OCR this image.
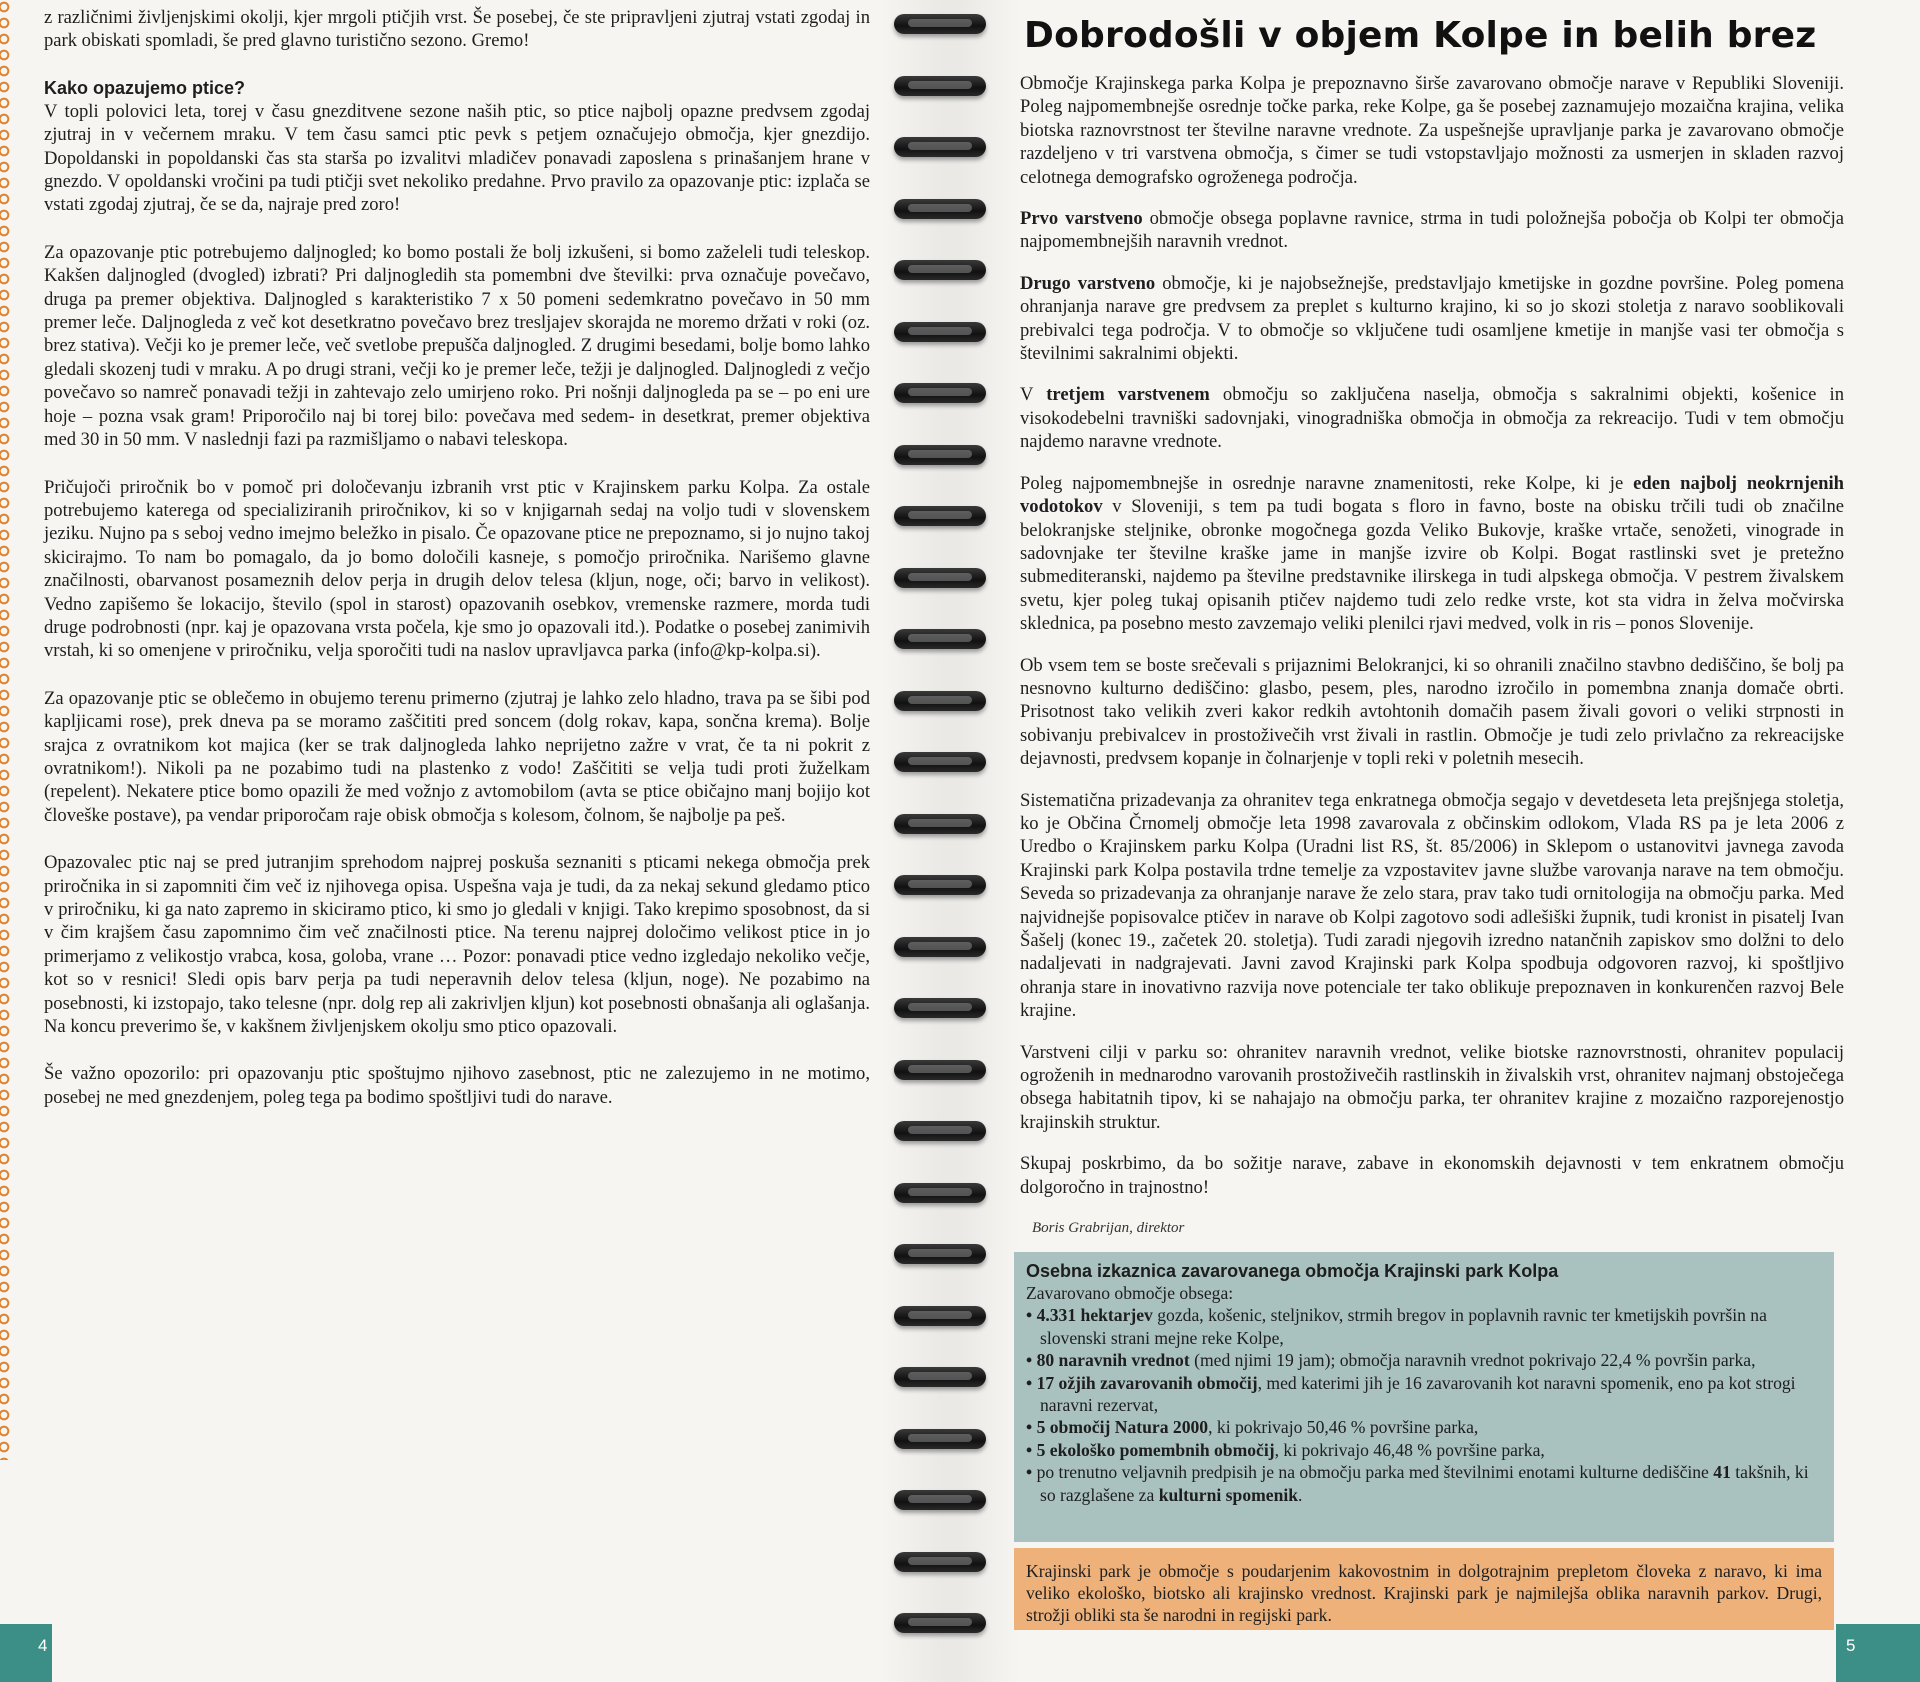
z različnimi življenjskimi okolji, kjer mrgoli ptičjih vrst. Še posebej, če ste pripravljeni zjutraj vstati zgodaj in park obiskati spomladi, še pred glavno turistično sezono. Gremo!

Kako opazujemo ptice?

V topli polovici leta, torej v času gnezditvene sezone naših ptic, so ptice najbolj opazne predvsem zgodaj zjutraj in v večernem mraku. V tem času samci ptic pevk s petjem označujejo območja, kjer gnezdijo. Dopoldanski in popoldanski čas sta starša po izvalitvi mladičev ponavadi zaposlena s prinašanjem hrane v gnezdo. V opoldanski vročini pa tudi ptičji svet nekoliko predahne. Prvo pravilo za opazovanje ptic: izplača se vstati zgodaj zjutraj, če se da, najraje pred zoro!

Za opazovanje ptic potrebujemo daljnogled; ko bomo postali že bolj izkušeni, si bomo zaželeli tudi teleskop. Kakšen daljnogled (dvogled) izbrati? Pri daljnogledih sta pomembni dve številki: prva označuje povečavo, druga pa premer objektiva. Daljnogled s karakteristiko 7 x 50 pomeni sedemkratno povečavo in 50 mm premer leče. Daljnogleda z več kot desetkratno povečavo brez tresljajev skorajda ne moremo držati v roki (oz. brez stativa). Večji ko je premer leče, več svetlobe prepušča daljnogled. Z drugimi besedami, bolje bomo lahko gledali skozenj tudi v mraku. A po drugi strani, večji ko je premer leče, težji je daljnogled. Daljnogledi z večjo povečavo so namreč ponavadi težji in zahtevajo zelo umirjeno roko. Pri nošnji daljnogleda pa se – po eni ure hoje – pozna vsak gram! Priporočilo naj bi torej bilo: povečava med sedem- in desetkrat, premer objektiva med 30 in 50 mm. V naslednji fazi pa razmišljamo o nabavi teleskopa.

Pričujoči priročnik bo v pomoč pri določevanju izbranih vrst ptic v Krajinskem parku Kolpa. Za ostale potrebujemo katerega od specializiranih priročnikov, ki so v knjigarnah sedaj na voljo tudi v slovenskem jeziku. Nujno pa s seboj vedno imejmo beležko in pisalo. Če opazovane ptice ne prepoznamo, si jo nujno takoj skicirajmo. To nam bo pomagalo, da jo bomo določili kasneje, s pomočjo priročnika. Narišemo glavne značilnosti, obarvanost posameznih delov perja in drugih delov telesa (kljun, noge, oči; barvo in velikost). Vedno zapišemo še lokacijo, število (spol in starost) opazovanih osebkov, vremenske razmere, morda tudi druge podrobnosti (npr. kaj je opazovana vrsta počela, kje smo jo opazovali itd.). Podatke o posebej zanimivih vrstah, ki so omenjene v priročniku, velja sporočiti tudi na naslov upravljavca parka (info@kp-kolpa.si).

Za opazovanje ptic se oblečemo in obujemo terenu primerno (zjutraj je lahko zelo hladno, trava pa se šibi pod kapljicami rose), prek dneva pa se moramo zaščititi pred soncem (dolg rokav, kapa, sončna krema). Bolje srajca z ovratnikom kot majica (ker se trak daljnogleda lahko neprijetno zažre v vrat, če ta ni pokrit z ovratnikom!). Nikoli pa ne pozabimo tudi na plastenko z vodo! Zaščititi se velja tudi proti žuželkam (repelent). Nekatere ptice bomo opazili že med vožnjo z avtomobilom (avta se ptice običajno manj bojijo kot človeške postave), pa vendar priporočam raje obisk območja s kolesom, čolnom, še najbolje pa peš.

Opazovalec ptic naj se pred jutranjim sprehodom najprej poskuša seznaniti s pticami nekega območja prek priročnika in si zapomniti čim več iz njihovega opisa. Uspešna vaja je tudi, da za nekaj sekund gledamo ptico v priročniku, ki ga nato zapremo in skiciramo ptico, ki smo jo gledali v knjigi. Tako krepimo sposobnost, da si v čim krajšem času zapomnimo čim več značilnosti ptice. Na terenu najprej določimo velikost ptice in jo primerjamo z velikostjo vrabca, kosa, goloba, vrane … Pozor: ponavadi ptice vedno izgledajo nekoliko večje, kot so v resnici! Sledi opis barv perja pa tudi neperavnih delov telesa (kljun, noge). Ne pozabimo na posebnosti, ki izstopajo, tako telesne (npr. dolg rep ali zakrivljen kljun) kot posebnosti obnašanja ali oglašanja. Na koncu preverimo še, v kakšnem življenjskem okolju smo ptico opazovali.

Še važno opozorilo: pri opazovanju ptic spoštujmo njihovo zasebnost, ptic ne zalezujemo in ne motimo, posebej ne med gnezdenjem, poleg tega pa bodimo spoštljivi tudi do narave.

4	5
Dobrodošli v objem Kolpe in belih brez

Območje Krajinskega parka Kolpa je prepoznavno širše zavarovano območje narave v Republiki Sloveniji. Poleg najpomembnejše osrednje točke parka, reke Kolpe, ga še posebej zaznamujejo mozaična krajina, velika biotska raznovrstnost ter številne naravne vrednote. Za uspešnejše upravljanje parka je zavarovano območje razdeljeno v tri varstvena območja, s čimer se tudi vstopstavljajo možnosti za usmerjen in skladen razvoj celotnega demografsko ogroženega področja.

Prvo varstveno območje obsega poplavne ravnice, strma in tudi položnejša pobočja ob Kolpi ter območja najpomembnejših naravnih vrednot.

Drugo varstveno območje, ki je najobsežnejše, predstavljajo kmetijske in gozdne površine. Poleg pomena ohranjanja narave gre predvsem za preplet s kulturno krajino, ki so jo skozi stoletja z naravo sooblikovali prebivalci tega področja. V to območje so vključene tudi osamljene kmetije in manjše vasi ter območja s številnimi sakralnimi objekti.

V tretjem varstvenem območju so zaključena naselja, območja s sakralnimi objekti, košenice in visokodebelni travniški sadovnjaki, vinogradniška območja in območja za rekreacijo. Tudi v tem območju najdemo naravne vrednote.

Poleg najpomembnejše in osrednje naravne znamenitosti, reke Kolpe, ki je eden najbolj neokrnjenih vodotokov v Sloveniji, s tem pa tudi bogata s floro in favno, boste na obisku trčili tudi ob značilne belokranjske steljnike, obronke mogočnega gozda Veliko Bukovje, kraške vrtače, senožeti, vinograde in sadovnjake ter številne kraške jame in manjše izvire ob Kolpi. Bogat rastlinski svet je pretežno submediteranski, najdemo pa številne predstavnike ilirskega in tudi alpskega območja. V pestrem živalskem svetu, kjer poleg tukaj opisanih ptičev najdemo tudi zelo redke vrste, kot sta vidra in želva močvirska sklednica, pa posebno mesto zavzemajo veliki plenilci rjavi medved, volk in ris – ponos Slovenije.

Ob vsem tem se boste srečevali s prijaznimi Belokranjci, ki so ohranili značilno stavbno dediščino, še bolj pa nesnovno kulturno dediščino: glasbo, pesem, ples, narodno izročilo in pomembna znanja domače obrti. Prisotnost tako velikih zveri kakor redkih avtohtonih domačih pasem živali govori o veliki strpnosti in sobivanju prebivalcev in prostoživečih vrst živali in rastlin. Območje je tudi zelo privlačno za rekreacijske dejavnosti, predvsem kopanje in čolnarjenje v topli reki v poletnih mesecih.

Sistematična prizadevanja za ohranitev tega enkratnega območja segajo v devetdeseta leta prejšnjega stoletja, ko je Občina Črnomelj območje leta 1998 zavarovala z občinskim odlokom, Vlada RS pa je leta 2006 z Uredbo o Krajinskem parku Kolpa (Uradni list RS, št. 85/2006) in Sklepom o ustanovitvi javnega zavoda Krajinski park Kolpa postavila trdne temelje za vzpostavitev javne službe varovanja narave na tem območju. Seveda so prizadevanja za ohranjanje narave že zelo stara, prav tako tudi ornitologija na območju parka. Med najvidnejše popisovalce ptičev in narave ob Kolpi zagotovo sodi adlešiški župnik, tudi kronist in pisatelj Ivan Šašelj (konec 19., začetek 20. stoletja). Tudi zaradi njegovih izredno natančnih zapiskov smo dolžni to delo nadaljevati in nadgrajevati. Javni zavod Krajinski park Kolpa spodbuja odgovoren razvoj, ki spoštljivo ohranja stare in inovativno razvija nove potenciale ter tako oblikuje prepoznaven in konkurenčen razvoj Bele krajine.

Varstveni cilji v parku so: ohranitev naravnih vrednot, velike biotske raznovrstnosti, ohranitev populacij ogroženih in mednarodno varovanih prostoživečih rastlinskih in živalskih vrst, ohranitev najmanj obstoječega obsega habitatnih tipov, ki se nahajajo na območju parka, ter ohranitev krajine z mozaično razporejenostjo krajinskih struktur.

Skupaj poskrbimo, da bo sožitje narave, zabave in ekonomskih dejavnosti v tem enkratnem območju dolgoročno in trajnostno!

Boris Grabrijan, direktor
Osebna izkaznica zavarovanega območja Krajinski park Kolpa
Zavarovano območje obsega:
• 4.331 hektarjev gozda, košenic, steljnikov, strmih bregov in poplavnih ravnic ter kmetijskih površin na slovenski strani mejne reke Kolpe,
• 80 naravnih vrednot (med njimi 19 jam); območja naravnih vrednot pokrivajo 22,4 % površin parka,
• 17 ožjih zavarovanih območij, med katerimi jih je 16 zavarovanih kot naravni spomenik, eno pa kot strogi naravni rezervat,
• 5 območij Natura 2000, ki pokrivajo 50,46 % površine parka,
• 5 ekološko pomembnih območij, ki pokrivajo 46,48 % površine parka,
• po trenutno veljavnih predpisih je na območju parka med številnimi enotami kulturne dediščine 41 takšnih, ki so razglašene za kulturni spomenik.
Krajinski park je območje s poudarjenim kakovostnim in dolgotrajnim prepletom človeka z naravo, ki ima veliko ekološko, biotsko ali krajinsko vrednost. Krajinski park je najmilejša oblika naravnih parkov. Drugi, strožji obliki sta še narodni in regijski park.
